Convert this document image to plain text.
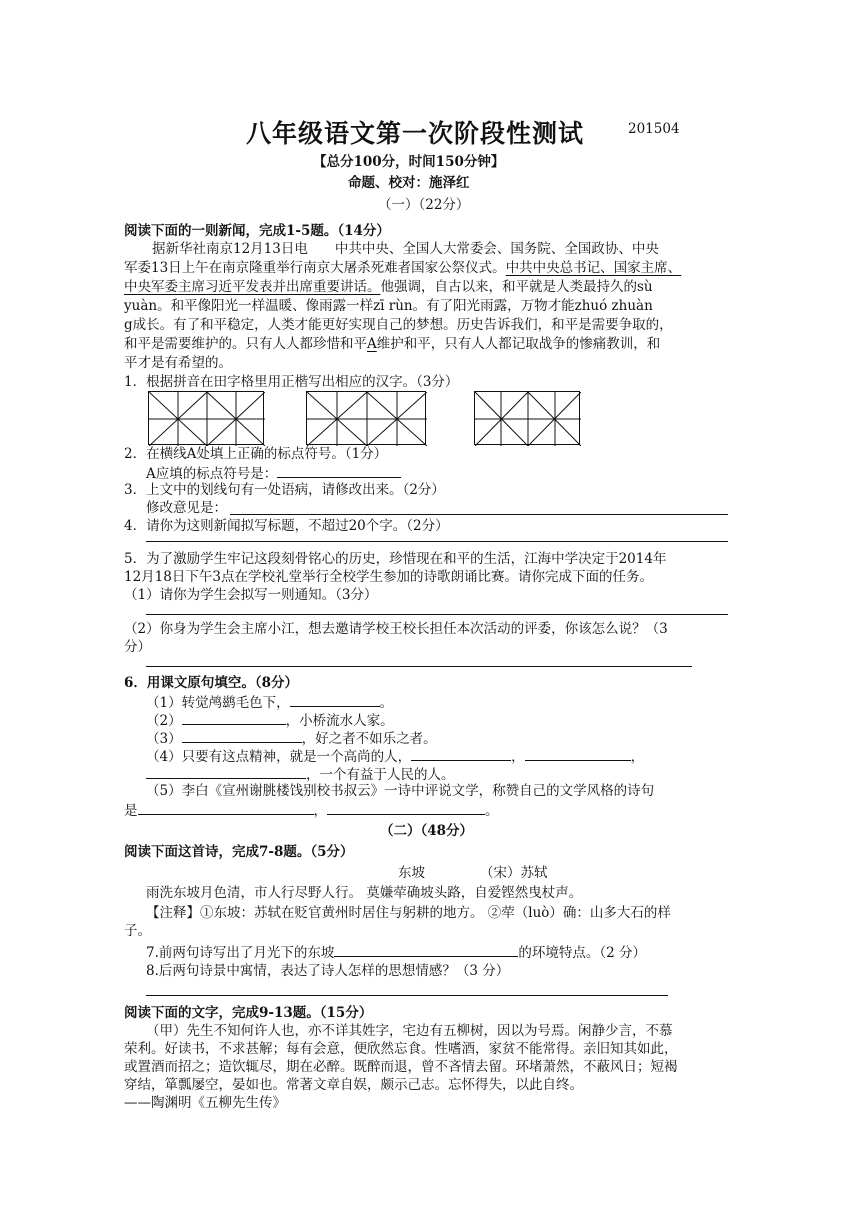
八年级语文第一次阶段性测试	201504
【总分100分，时间150分钟】
命题、校对：施泽红
（一）（22分）
阅读下面的一则新闻，完成1-5题。（14分）
据新华社南京12月13日电　　中共中央、全国人大常委会、国务院、全国政协、中央
军委13日上午在南京隆重举行南京大屠杀死难者国家公祭仪式。中共中央总书记、国家主席、
中央军委主席习近平发表并出席重要讲话。他强调，自古以来，和平就是人类最持久的sù
yuàn。和平像阳光一样温暖、像雨露一样zī rùn。有了阳光雨露，万物才能zhuó zhuàn
g成长。有了和平稳定，人类才能更好实现自己的梦想。历史告诉我们，和平是需要争取的，
和平是需要维护的。只有人人都珍惜和平A维护和平，只有人人都记取战争的惨痛教训，和
平才是有希望的。
1．根据拼音在田字格里用正楷写出相应的汉字。（3分）
2．在横线A处填上正确的标点符号。（1分）
A应填的标点符号是：
3．上文中的划线句有一处语病，请修改出来。（2分）
修改意见是：
4．请你为这则新闻拟写标题，不超过20个字。（2分）
5．为了激励学生牢记这段刻骨铭心的历史，珍惜现在和平的生活，江海中学决定于2014年
12月18日下午3点在学校礼堂举行全校学生参加的诗歌朗诵比赛。请你完成下面的任务。
（1）请你为学生会拟写一则通知。（3分）
（2）你身为学生会主席小江，想去邀请学校王校长担任本次活动的评委，你该怎么说？（3
分）
6．用课文原句填空。（8分）
（1）转觉鸬鹚毛色下，	。
（2）	，小桥流水人家。
（3）	，好之者不如乐之者。
（4）只要有这点精神，就是一个高尚的人，	，	，
，一个有益于人民的人。
（5）李白《宣州谢朓楼饯别校书叔云》一诗中评说文学，称赞自己的文学风格的诗句
是	，	。
（二）（48分）
阅读下面这首诗，完成7-8题。（5分）
东坡	（宋）苏轼
雨洗东坡月色清，市人行尽野人行。 莫嫌荦确坡头路，自爱铿然曳杖声。
【注释】①东坡：苏轼在贬官黄州时居住与躬耕的地方。 ②荦（luò）确：山多大石的样
子。
7.前两句诗写出了月光下的东坡	的环境特点。（2 分）
8.后两句诗景中寓情，表达了诗人怎样的思想情感？（3 分）
阅读下面的文字，完成9-13题。（15分）
（甲）先生不知何许人也，亦不详其姓字，宅边有五柳树，因以为号焉。闲静少言，不慕
荣利。好读书，不求甚解；每有会意，便欣然忘食。性嗜酒，家贫不能常得。亲旧知其如此，
或置酒而招之；造饮辄尽，期在必醉。既醉而退，曾不吝情去留。环堵萧然，不蔽风日；短褐
穿结，箪瓢屡空，晏如也。常著文章自娱，颇示己志。忘怀得失，以此自终。
——陶渊明《五柳先生传》
